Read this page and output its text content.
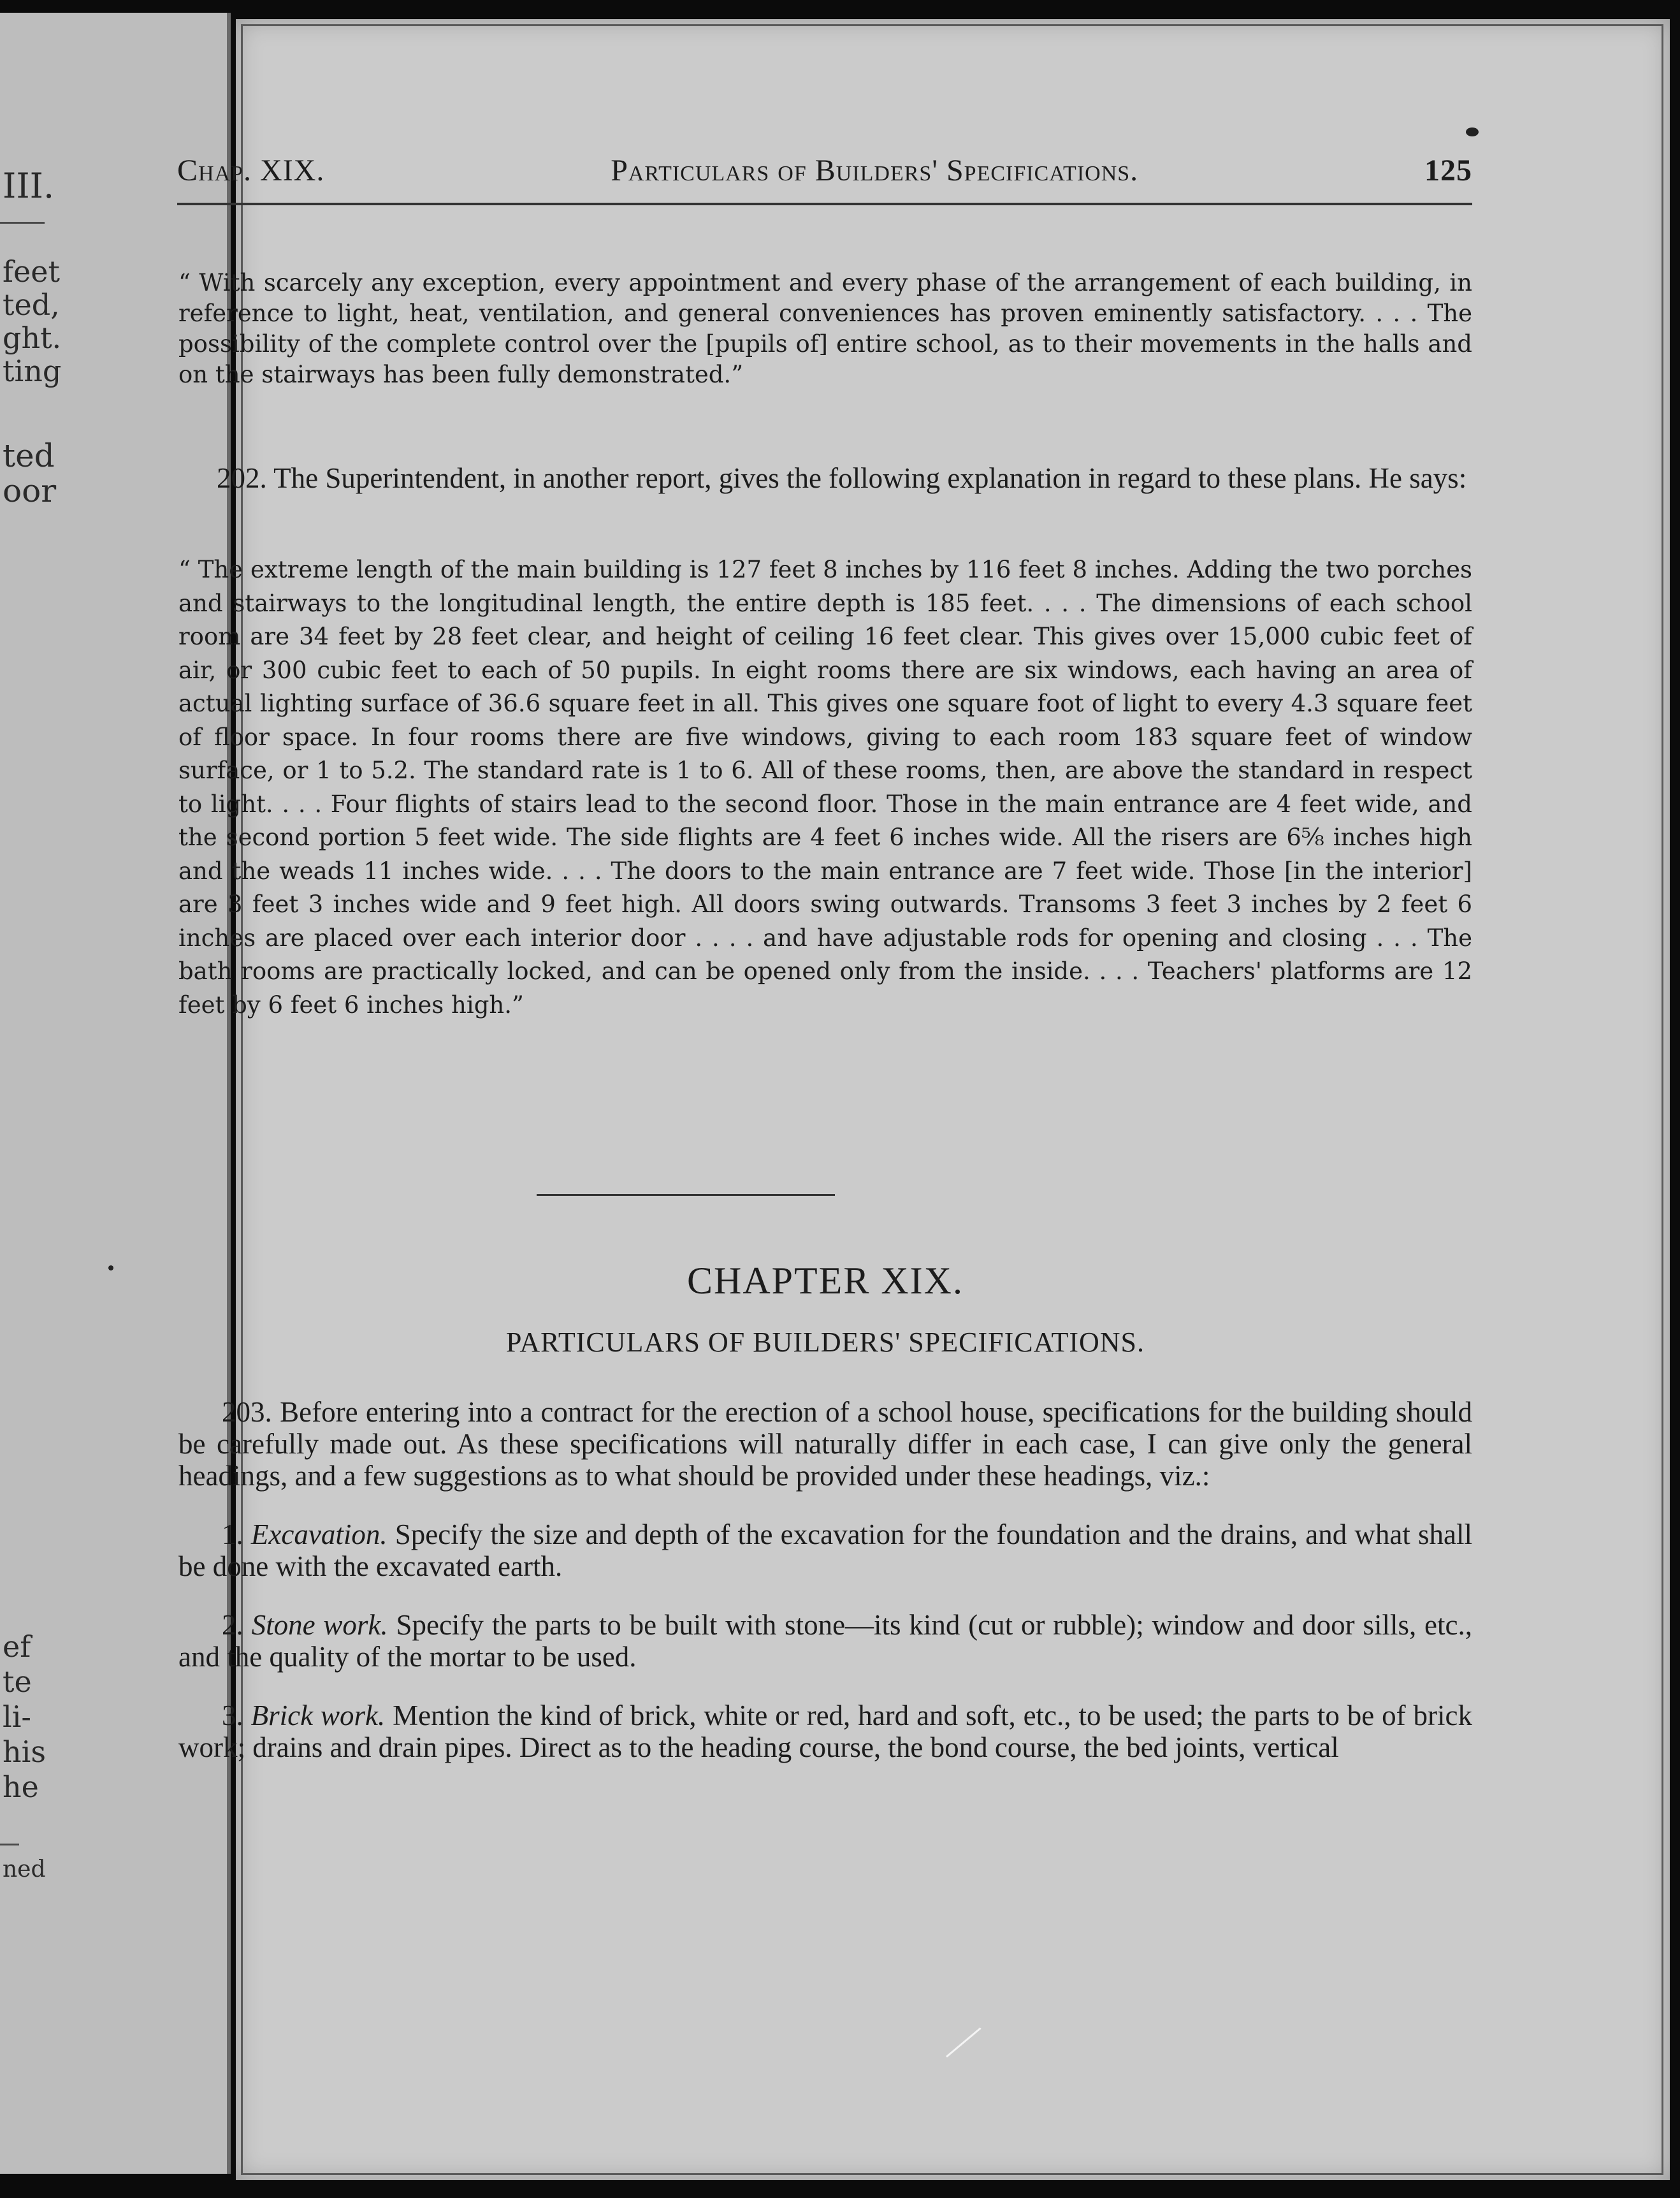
III.
feet
ted,
ght.
ting
ted
oor
ef
te
li-
his
he
ned
Chap. XIX.	Particulars of Builders' Specifications.	125
“ With scarcely any exception, every appointment and every phase of the arrangement of each building, in reference to light, heat, ventilation, and general conveniences has proven eminently satisfactory. . . . The possibility of the complete control over the [pupils of] entire school, as to their movements in the halls and on the stairways has been fully demonstrated.”
202. The Superintendent, in another report, gives the following explanation in regard to these plans. He says:
“ The extreme length of the main building is 127 feet 8 inches by 116 feet 8 inches. Adding the two porches and stairways to the longitudinal length, the entire depth is 185 feet. . . . The dimensions of each school room are 34 feet by 28 feet clear, and height of ceiling 16 feet clear. This gives over 15,000 cubic feet of air, or 300 cubic feet to each of 50 pupils. In eight rooms there are six windows, each having an area of actual lighting surface of 36.6 square feet in all. This gives one square foot of light to every 4.3 square feet of floor space. In four rooms there are five windows, giving to each room 183 square feet of window surface, or 1 to 5.2. The standard rate is 1 to 6. All of these rooms, then, are above the standard in respect to light. . . . Four flights of stairs lead to the second floor. Those in the main entrance are 4 feet wide, and the second portion 5 feet wide. The side flights are 4 feet 6 inches wide. All the risers are 6⅝ inches high and the weads 11 inches wide. . . . The doors to the main entrance are 7 feet wide. Those [in the interior] are 3 feet 3 inches wide and 9 feet high. All doors swing outwards. Transoms 3 feet 3 inches by 2 feet 6 inches are placed over each interior door . . . . and have adjustable rods for opening and closing . . . The bath rooms are practically locked, and can be opened only from the inside. . . . Teachers' platforms are 12 feet by 6 feet 6 inches high.”
CHAPTER XIX.
PARTICULARS OF BUILDERS' SPECIFICATIONS.

203. Before entering into a contract for the erection of a school house, specifications for the building should be carefully made out. As these specifications will naturally differ in each case, I can give only the general headings, and a few suggestions as to what should be provided under these headings, viz.:

1. Excavation. Specify the size and depth of the excavation for the foundation and the drains, and what shall be done with the excavated earth.

2. Stone work. Specify the parts to be built with stone—its kind (cut or rubble); window and door sills, etc., and the quality of the mortar to be used.

3. Brick work. Mention the kind of brick, white or red, hard and soft, etc., to be used; the parts to be of brick work; drains and drain pipes. Direct as to the heading course, the bond course, the bed joints, vertical
